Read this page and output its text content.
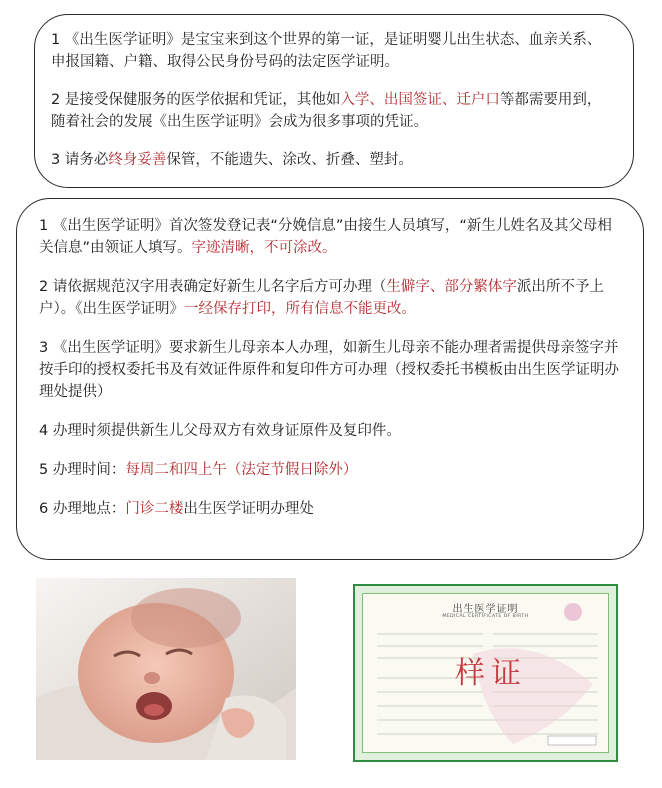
1 《出生医学证明》是宝宝来到这个世界的第一证，是证明婴儿出生状态、血亲关系、申报国籍、户籍、取得公民身份号码的法定医学证明。

2 是接受保健服务的医学依据和凭证，其他如入学、出国签证、迁户口等都需要用到，随着社会的发展《出生医学证明》会成为很多事项的凭证。

3 请务必终身妥善保管，不能遗失、涂改、折叠、塑封。

1 《出生医学证明》首次签发登记表“分娩信息”由接生人员填写，“新生儿姓名及其父母相关信息”由领证人填写。字迹清晰，不可涂改。

2 请依据规范汉字用表确定好新生儿名字后方可办理（生僻字、部分繁体字派出所不予上户）。《出生医学证明》一经保存打印，所有信息不能更改。

3 《出生医学证明》要求新生儿母亲本人办理，如新生儿母亲不能办理者需提供母亲签字并按手印的授权委托书及有效证件原件和复印件方可办理（授权委托书模板由出生医学证明办理处提供）

4 办理时须提供新生儿父母双方有效身证原件及复印件。

5 办理时间：每周二和四上午（法定节假日除外）

6 办理地点：门诊二楼出生医学证明办理处

出生医学证明
MEDICAL CERTIFICATE OF BIRTH
样证
